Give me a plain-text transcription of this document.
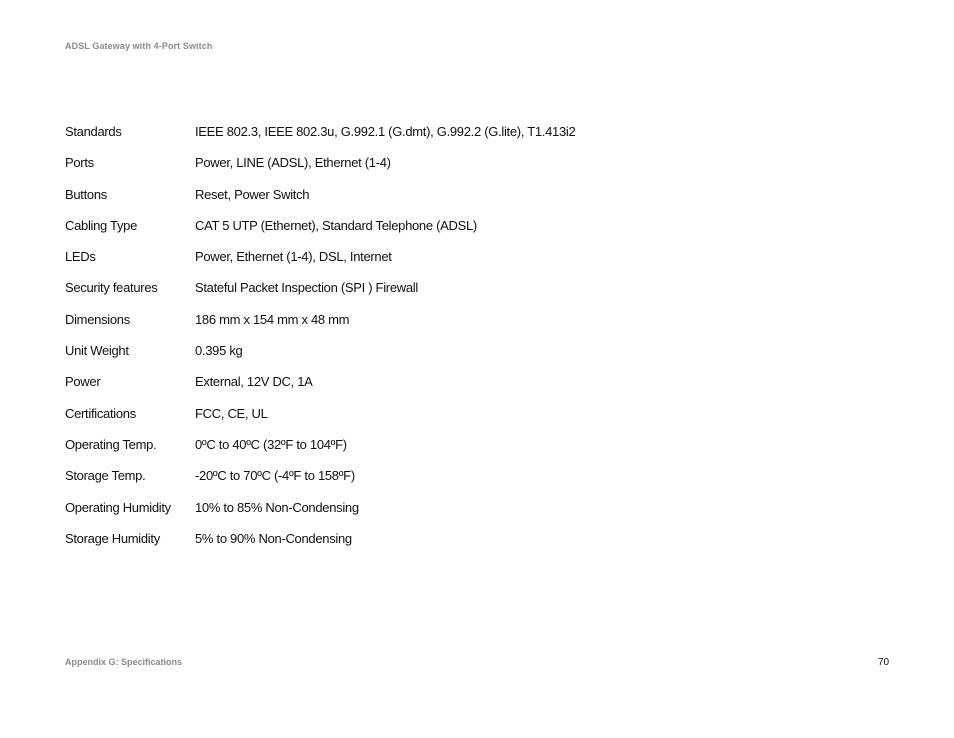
ADSL Gateway with 4-Port Switch
Standards	IEEE 802.3, IEEE 802.3u, G.992.1 (G.dmt), G.992.2 (G.lite), T1.413i2
Ports	Power, LINE (ADSL), Ethernet (1-4)
Buttons	Reset, Power Switch
Cabling Type	CAT 5 UTP (Ethernet), Standard Telephone (ADSL)
LEDs	Power, Ethernet (1-4), DSL, Internet
Security features	Stateful Packet Inspection (SPI ) Firewall
Dimensions	186 mm x 154 mm x 48 mm
Unit Weight	0.395 kg
Power	External, 12V DC, 1A
Certifications	FCC, CE, UL
Operating Temp.	0ºC to 40ºC (32ºF to 104ºF)
Storage Temp.	-20ºC to 70ºC (-4ºF to 158ºF)
Operating Humidity	10% to 85% Non-Condensing
Storage Humidity	5% to 90% Non-Condensing
Appendix G: Specifications	70
